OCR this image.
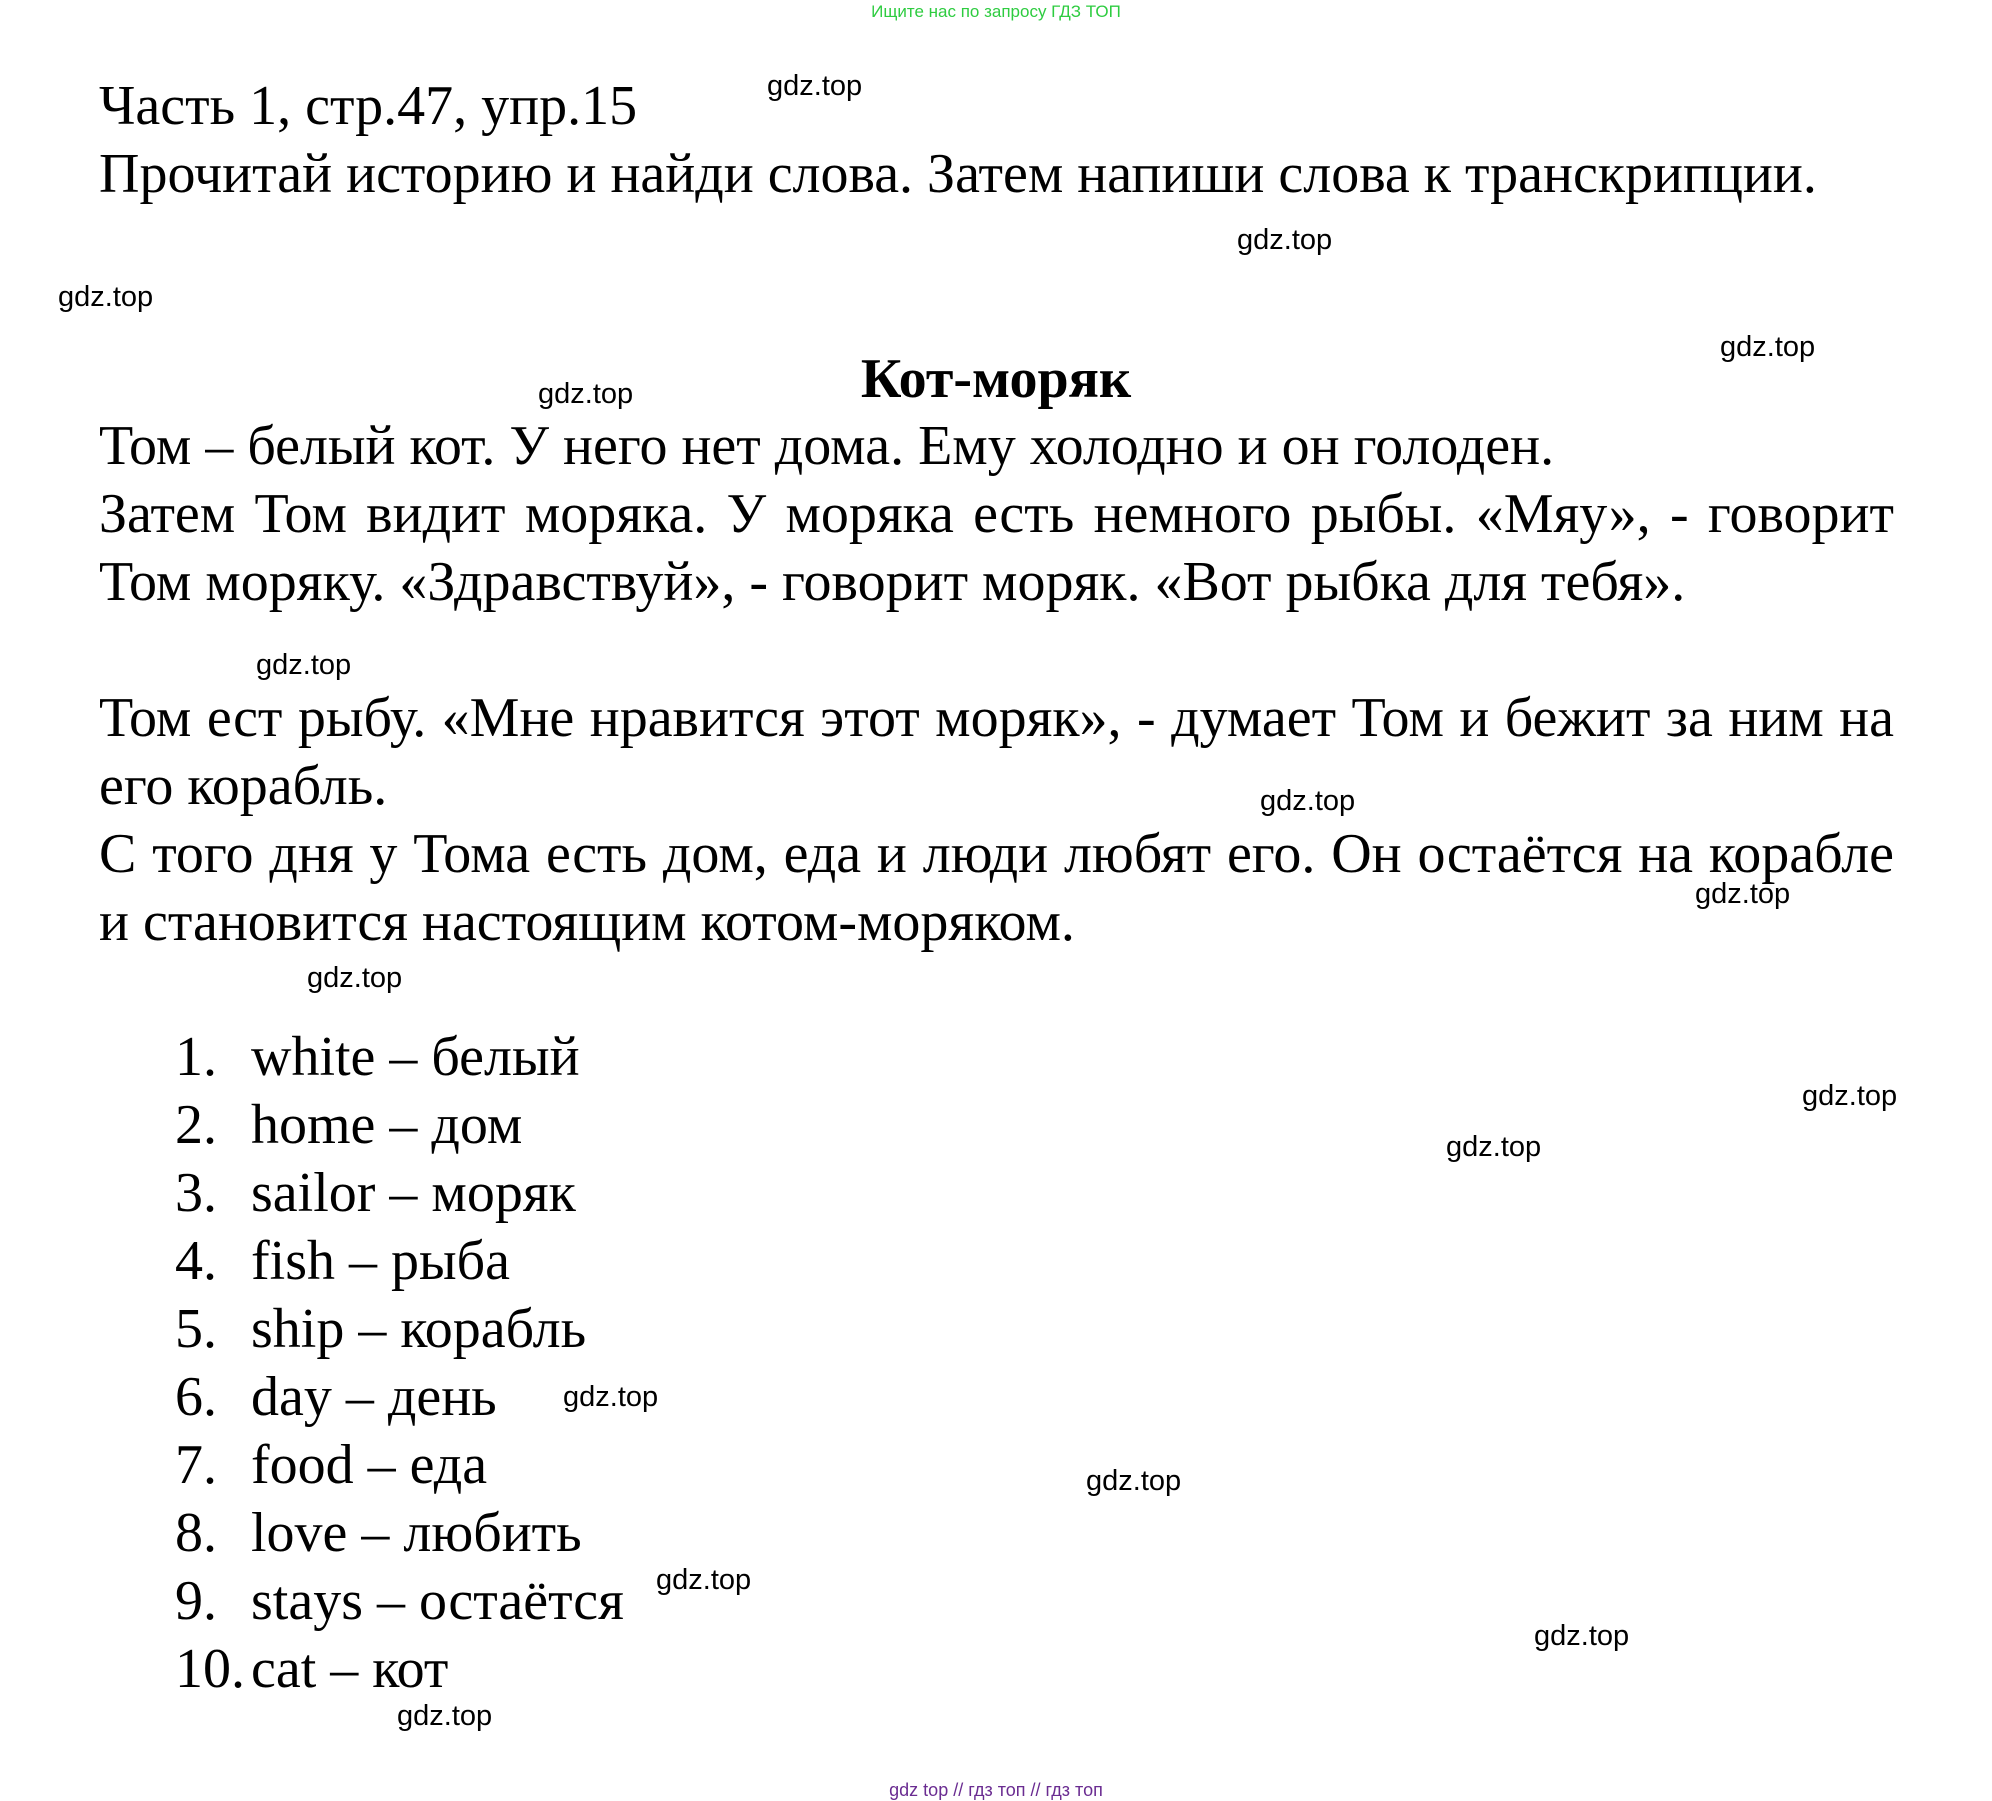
Ищите нас по запросу ГДЗ ТОП
Часть 1, стр.47, упр.15
Прочитай историю и найди слова. Затем напиши слова к транскрипции.
Кот-моряк
Том – белый кот. У него нет дома. Ему холодно и он голоден.
Затем Том видит моряка. У моряка есть немного рыбы. «Мяу», - говорит Том моряку. «Здравствуй», - говорит моряк. «Вот рыбка для тебя».
Том ест рыбу. «Мне нравится этот моряк», - думает Том и бежит за ним на его корабль.
С того дня у Тома есть дом, еда и люди любят его. Он остаётся на корабле и становится настоящим котом-моряком.
1. white – белый
2. home – дом
3. sailor – моряк
4. fish – рыба
5. ship – корабль
6. day – день
7. food – еда
8. love – любить
9. stays – остаётся
10. cat – кот
gdz.top
gdz.top
gdz.top
gdz.top
gdz.top
gdz.top
gdz.top
gdz.top
gdz.top
gdz.top
gdz.top
gdz.top
gdz.top
gdz.top
gdz.top
gdz.top
gdz top // гдз топ // гдз топ
